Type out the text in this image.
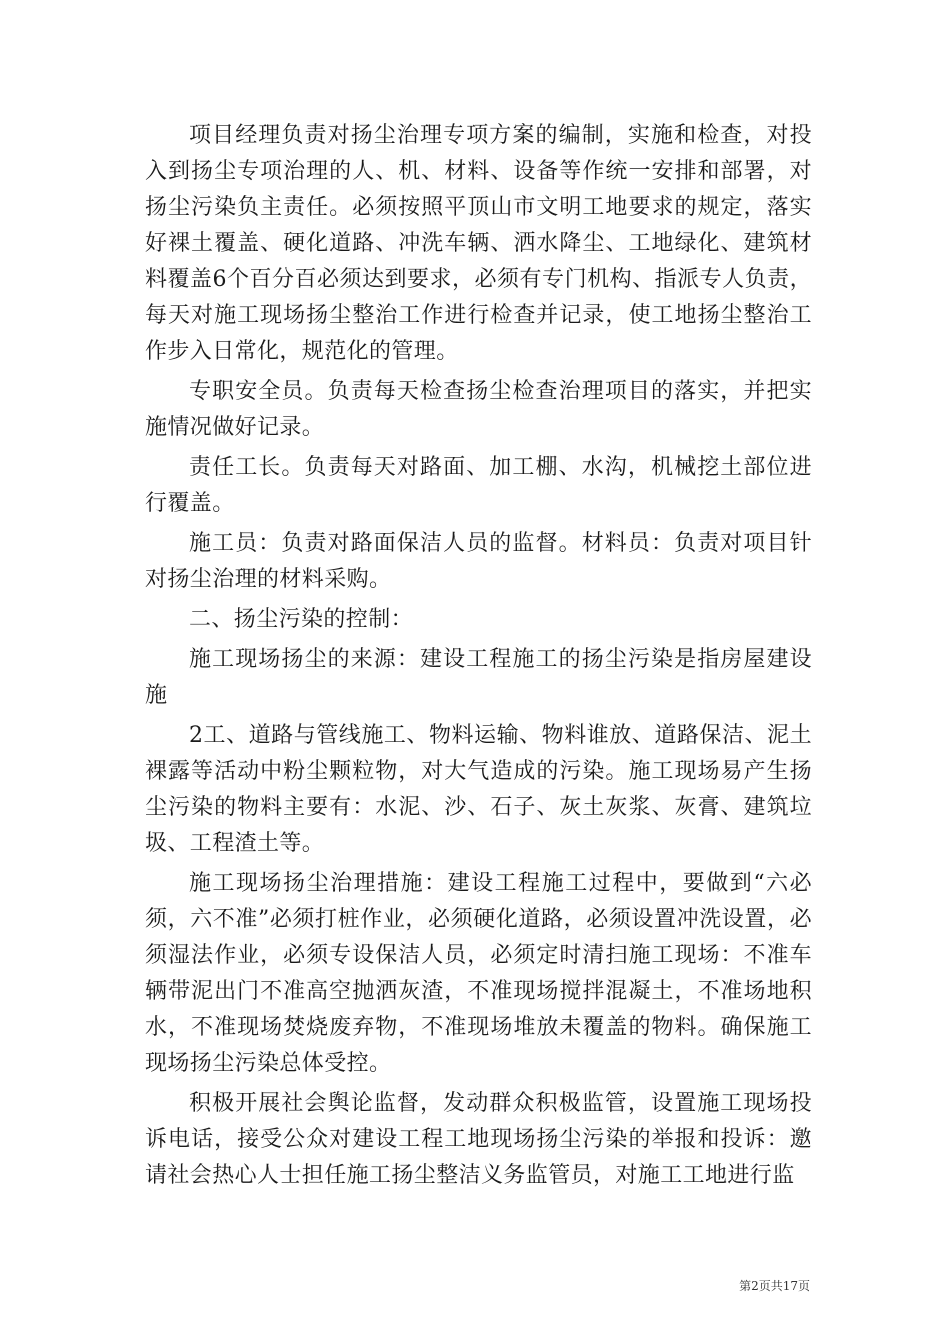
项目经理负责对扬尘治理专项方案的编制，实施和检查，对投入到扬尘专项治理的人、机、材料、设备等作统一安排和部署，对扬尘污染负主责任。必须按照平顶山市文明工地要求的规定，落实好裸土覆盖、硬化道路、冲洗车辆、洒水降尘、工地绿化、建筑材料覆盖6个百分百必须达到要求，必须有专门机构、指派专人负责，每天对施工现场扬尘整治工作进行检查并记录，使工地扬尘整治工作步入日常化，规范化的管理。

专职安全员。负责每天检查扬尘检查治理项目的落实，并把实施情况做好记录。

责任工长。负责每天对路面、加工棚、水沟，机械挖土部位进行覆盖。

施工员：负责对路面保洁人员的监督。材料员：负责对项目针对扬尘治理的材料采购。

二、扬尘污染的控制：

施工现场扬尘的来源：建设工程施工的扬尘污染是指房屋建设施

2工、道路与管线施工、物料运输、物料谁放、道路保洁、泥土裸露等活动中粉尘颗粒物，对大气造成的污染。施工现场易产生扬尘污染的物料主要有：水泥、沙、石子、灰土灰浆、灰膏、建筑垃圾、工程渣土等。

施工现场扬尘治理措施：建设工程施工过程中，要做到“六必须，六不准”必须打桩作业，必须硬化道路，必须设置冲洗设置，必须湿法作业，必须专设保洁人员，必须定时清扫施工现场：不准车辆带泥出门不准高空抛洒灰渣，不准现场搅拌混凝土，不准场地积水，不准现场焚烧废弃物，不准现场堆放未覆盖的物料。确保施工现场扬尘污染总体受控。

积极开展社会舆论监督，发动群众积极监管，设置施工现场投诉电话，接受公众对建设工程工地现场扬尘污染的举报和投诉：邀请社会热心人士担任施工扬尘整洁义务监管员，对施工工地进行监

第2页共17页
